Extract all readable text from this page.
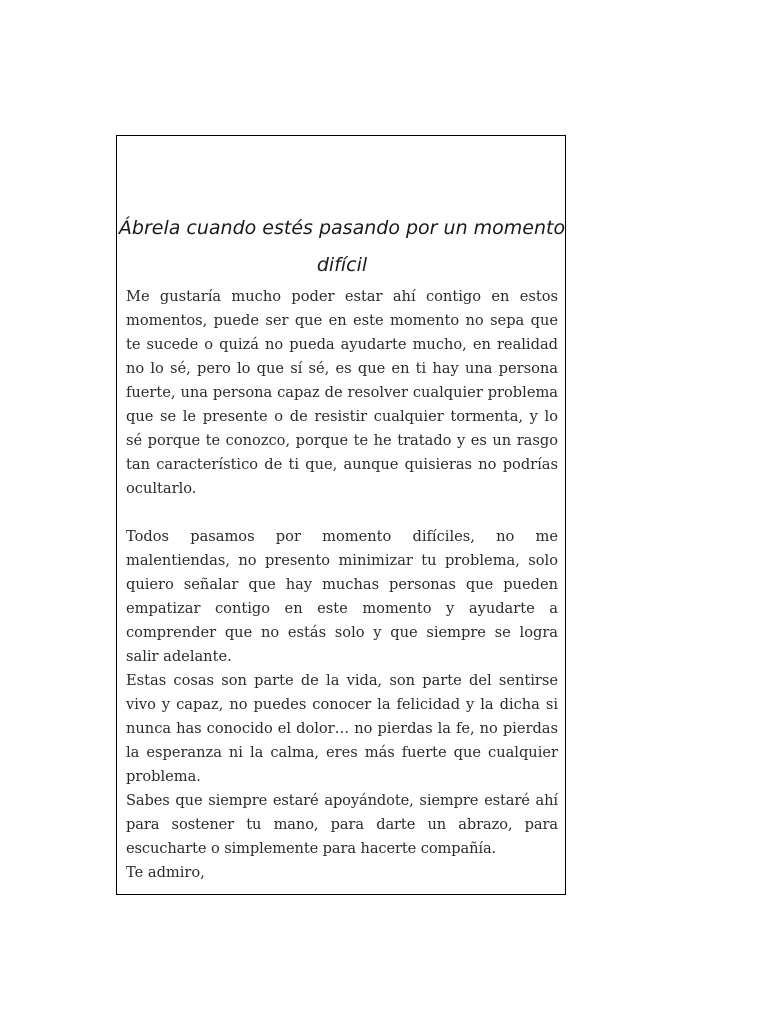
Ábrela cuando estés pasando por un momento difícil

Me gustaría mucho poder estar ahí contigo en estos momentos, puede ser que en este momento no sepa que te sucede o quizá no pueda ayudarte mucho, en realidad no lo sé, pero lo que sí sé, es que en ti hay una persona fuerte, una persona capaz de resolver cualquier problema que se le presente o de resistir cualquier tormenta, y lo sé porque te conozco, porque te he tratado y es un rasgo tan característico de ti que, aunque quisieras no podrías ocultarlo.

Todos pasamos por momento difíciles, no me malentiendas, no presento minimizar tu problema, solo quiero señalar que hay muchas personas que pueden empatizar contigo en este momento y ayudarte a comprender que no estás solo y que siempre se logra salir adelante.

Estas cosas son parte de la vida, son parte del sentirse vivo y capaz, no puedes conocer la felicidad y la dicha si nunca has conocido el dolor… no pierdas la fe, no pierdas la esperanza ni la calma, eres más fuerte que cualquier problema.

Sabes que siempre estaré apoyándote, siempre estaré ahí para sostener tu mano, para darte un abrazo, para escucharte o simplemente para hacerte compañía.

Te admiro,
